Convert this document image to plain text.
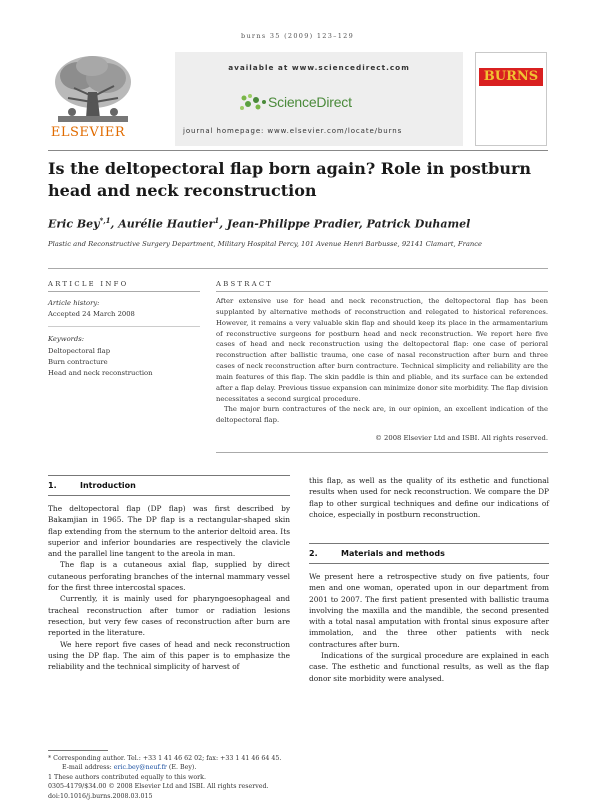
burns 35 (2009) 123–129
ELSEVIER
available at www.sciencedirect.com
ScienceDirect
journal homepage: www.elsevier.com/locate/burns
BURNS
Is the deltopectoral flap born again? Role in postburn head and neck reconstruction
Eric Bey$^{*,1}$, Aurélie Hautier$^1$, Jean-Philippe Pradier, Patrick Duhamel
Plastic and Reconstructive Surgery Department, Military Hospital Percy, 101 Avenue Henri Barbusse, 92141 Clamart, France
ARTICLE INFO	ABSTRACT
Article history:
Accepted 24 March 2008
Keywords:
Deltopectoral flap
Burn contracture
Head and neck reconstruction

After extensive use for head and neck reconstruction, the deltopectoral flap has been supplanted by alternative methods of reconstruction and relegated to historical references. However, it remains a very valuable skin flap and should keep its place in the armamentarium of reconstructive surgeons for postburn head and neck reconstruction. We report here five cases of head and neck reconstruction using the deltopectoral flap: one case of perioral reconstruction after ballistic trauma, one case of nasal reconstruction after burn and three cases of neck reconstruction after burn contracture. Technical simplicity and reliability are the main features of this flap. The skin paddle is thin and pliable, and its surface can be extended after a flap delay. Previous tissue expansion can minimize donor site morbidity. The flap division necessitates a second surgical procedure.

The major burn contractures of the neck are, in our opinion, an excellent indication of the deltopectoral flap.

© 2008 Elsevier Ltd and ISBI. All rights reserved.
1.	Introduction

The deltopectoral flap (DP flap) was first described by Bakamjian in 1965. The DP flap is a rectangular-shaped skin flap extending from the sternum to the anterior deltoid area. Its superior and inferior boundaries are respectively the clavicle and the parallel line tangent to the areola in man.

The flap is a cutaneous axial flap, supplied by direct cutaneous perforating branches of the internal mammary vessel for the first three intercostal spaces.

Currently, it is mainly used for pharyngoesophageal and tracheal reconstruction after tumor or radiation lesions resection, but very few cases of reconstruction after burn are reported in the literature.

We here report five cases of head and neck reconstruction using the DP flap. The aim of this paper is to emphasize the reliability and the technical simplicity of harvest of

this flap, as well as the quality of its esthetic and functional results when used for neck reconstruction. We compare the DP flap to other surgical techniques and define our indications of choice, especially in postburn reconstruction.

2.	Materials and methods

We present here a retrospective study on five patients, four men and one woman, operated upon in our department from 2001 to 2007. The first patient presented with ballistic trauma involving the maxilla and the mandible, the second presented with a total nasal amputation with frontal sinus exposure after immolation, and the three other patients with neck contractures after burn.

Indications of the surgical procedure are explained in each case. The esthetic and functional results, as well as the flap donor site morbidity were analysed.

* Corresponding author. Tel.: +33 1 41 46 62 02; fax: +33 1 41 46 64 45.
E-mail address: eric.bey@neuf.fr (E. Bey).
1 These authors contributed equally to this work.
0305-4179/$34.00 © 2008 Elsevier Ltd and ISBI. All rights reserved.
doi:10.1016/j.burns.2008.03.015
